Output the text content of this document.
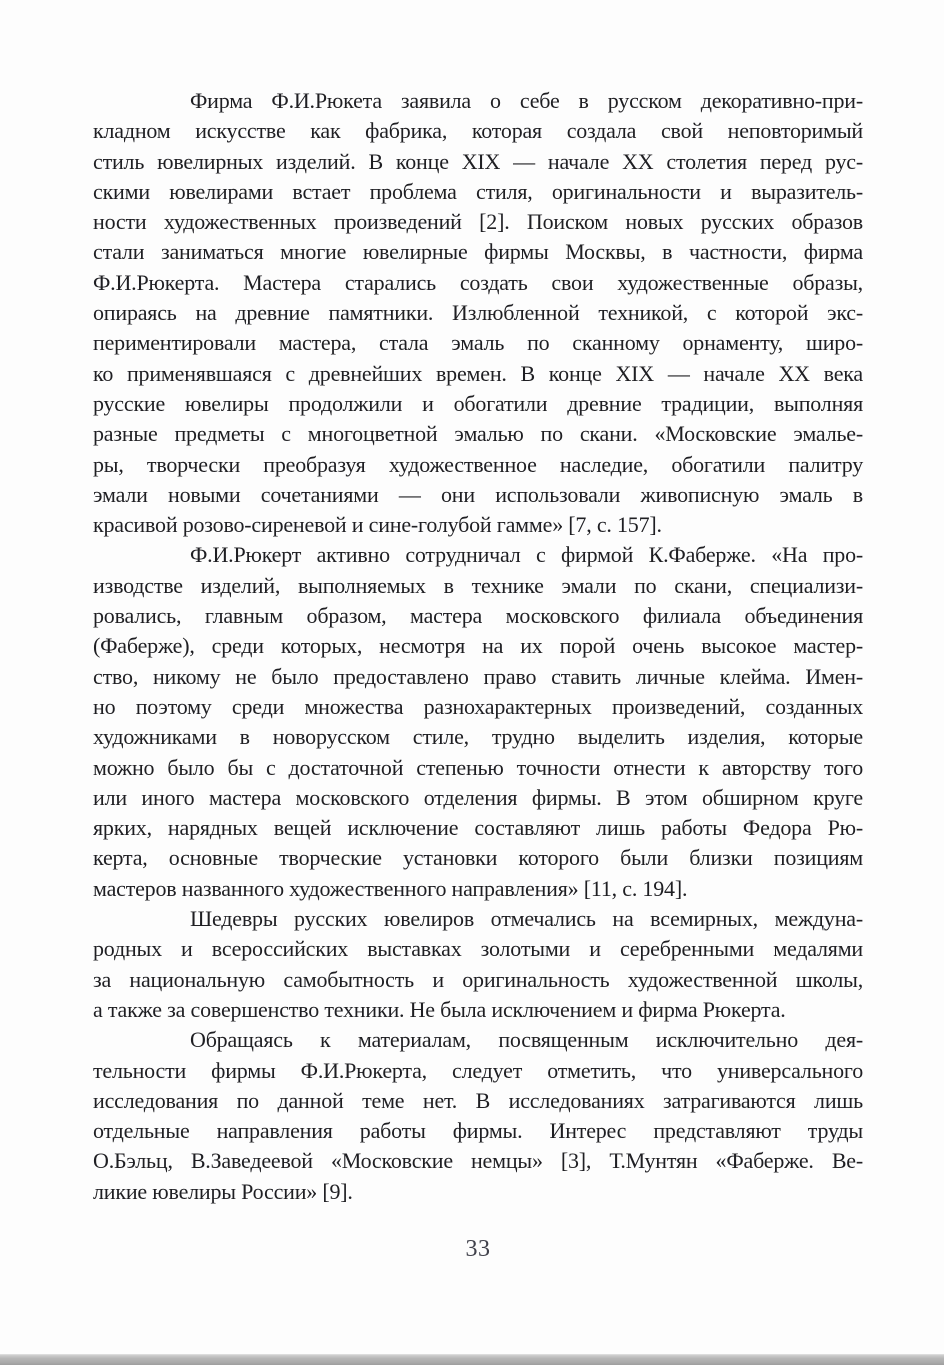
Фирма Ф.И.Рюкета заявила о себе в русском декоративно-при-
кладном искусстве как фабрика, которая создала свой неповторимый
стиль ювелирных изделий. В конце XIX — начале XX столетия перед рус-
скими ювелирами встает проблема стиля, оригинальности и выразитель-
ности художественных произведений [2]. Поиском новых русских образов
стали заниматься многие ювелирные фирмы Москвы, в частности, фирма
Ф.И.Рюкерта. Мастера старались создать свои художественные образы,
опираясь на древние памятники. Излюбленной техникой, с которой экс-
периментировали мастера, стала эмаль по сканному орнаменту, широ-
ко применявшаяся с древнейших времен. В конце XIX — начале XX века
русские ювелиры продолжили и обогатили древние традиции, выполняя
разные предметы с многоцветной эмалью по скани. «Московские эмалье-
ры, творчески преобразуя художественное наследие, обогатили палитру
эмали новыми сочетаниями — они использовали живописную эмаль в
красивой розово-сиреневой и сине-голубой гамме» [7, с. 157].
Ф.И.Рюкерт активно сотрудничал с фирмой К.Фаберже. «На про-
изводстве изделий, выполняемых в технике эмали по скани, специализи-
ровались, главным образом, мастера московского филиала объединения
(Фаберже), среди которых, несмотря на их порой очень высокое мастер-
ство, никому не было предоставлено право ставить личные клейма. Имен-
но поэтому среди множества разнохарактерных произведений, созданных
художниками в новорусском стиле, трудно выделить изделия, которые
можно было бы с достаточной степенью точности отнести к авторству того
или иного мастера московского отделения фирмы. В этом обширном круге
ярких, нарядных вещей исключение составляют лишь работы Федора Рю-
керта, основные творческие установки которого были близки позициям
мастеров названного художественного направления» [11, с. 194].
Шедевры русских ювелиров отмечались на всемирных, междуна-
родных и всероссийских выставках золотыми и серебренными медалями
за национальную самобытность и оригинальность художественной школы,
а также за совершенство техники. Не была исключением и фирма Рюкерта.
Обращаясь к материалам, посвященным исключительно дея-
тельности фирмы Ф.И.Рюкерта, следует отметить, что универсального
исследования по данной теме нет. В исследованиях затрагиваются лишь
отдельные направления работы фирмы. Интерес представляют труды
О.Бэльц, В.Заведеевой «Московские немцы» [3], Т.Мунтян «Фаберже. Ве-
ликие ювелиры России» [9].
33
